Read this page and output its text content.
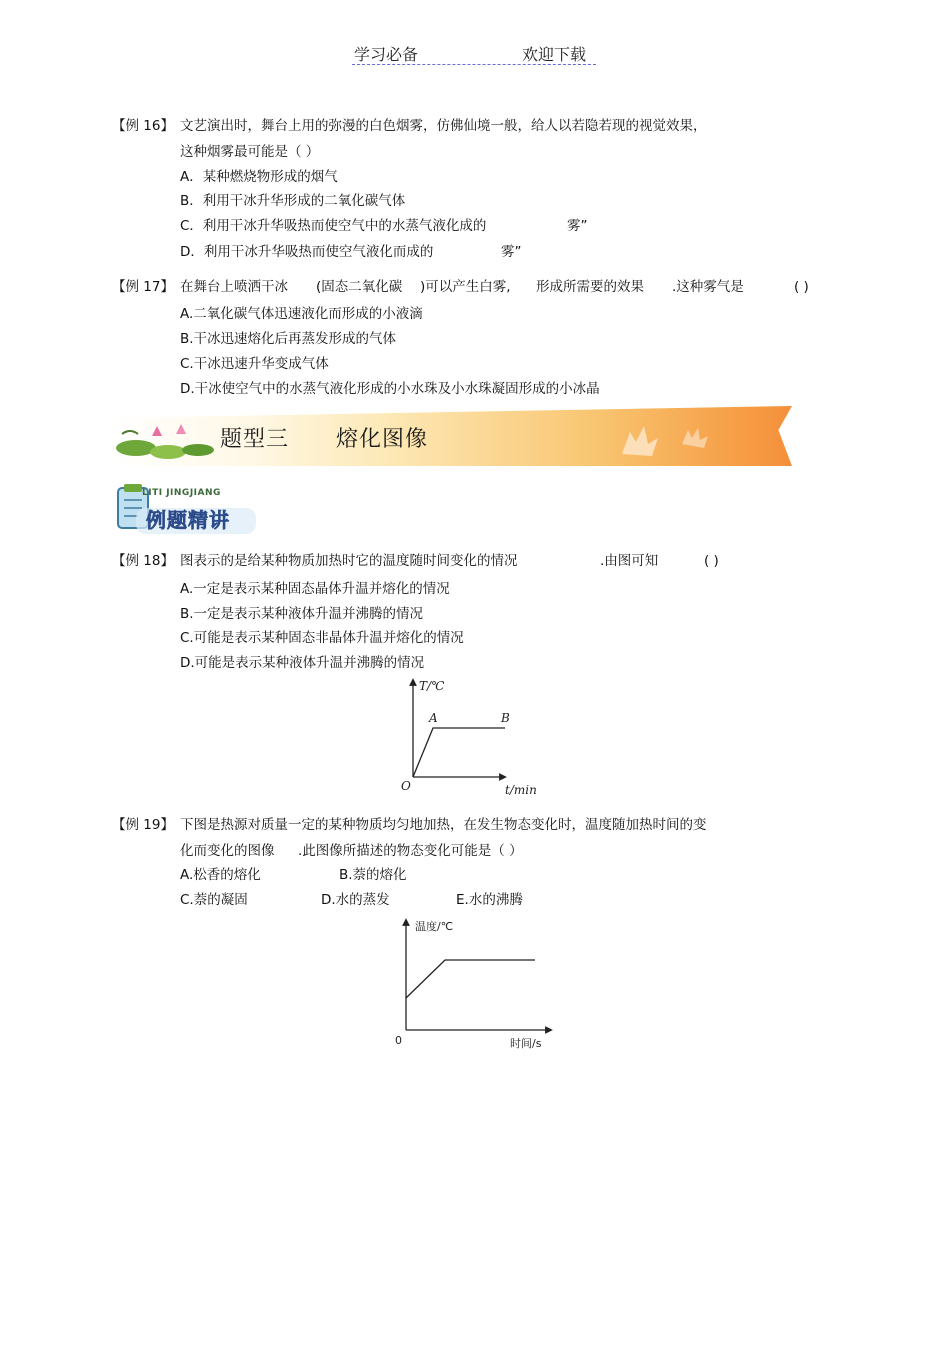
学习必备	欢迎下载
【例 16】 文艺演出时，舞台上用的弥漫的白色烟雾，仿佛仙境一般，给人以若隐若现的视觉效果，
这种烟雾最可能是（ ）
A．某种燃烧物形成的烟气
B．利用干冰升华形成的二氧化碳气体
C．利用干冰升华吸热而使空气中的水蒸气液化成的	雾”
D．利用干冰升华吸热而使空气液化而成的	雾”
【例 17】 在舞台上喷洒干冰 (固态二氧化碳 )可以产生白雾, 形成所需要的效果 .这种雾气是	( )
A.二氧化碳气体迅速液化而形成的小液滴
B.干冰迅速熔化后再蒸发形成的气体
C.干冰迅速升华变成气体
D.干冰使空气中的水蒸气液化形成的小水珠及小水珠凝固形成的小冰晶
题型三 熔化图像
LITI JINGJIANG
例题精讲
【例 18】 图表示的是给某种物质加热时它的温度随时间变化的情况	.由图可知	( )
A.一定是表示某种固态晶体升温并熔化的情况
B.一定是表示某种液体升温并沸腾的情况
C.可能是表示某种固态非晶体升温并熔化的情况
D.可能是表示某种液体升温并沸腾的情况
T/℃
t/min
O
A	B
【例 19】 下图是热源对质量一定的某种物质均匀地加热，在发生物态变化时，温度随加热时间的变
化而变化的图像 .此图像所描述的物态变化可能是（ ）
A.松香的熔化	B.萘的熔化
C.萘的凝固	D.水的蒸发	E.水的沸腾
温度/℃
时间/s
0
